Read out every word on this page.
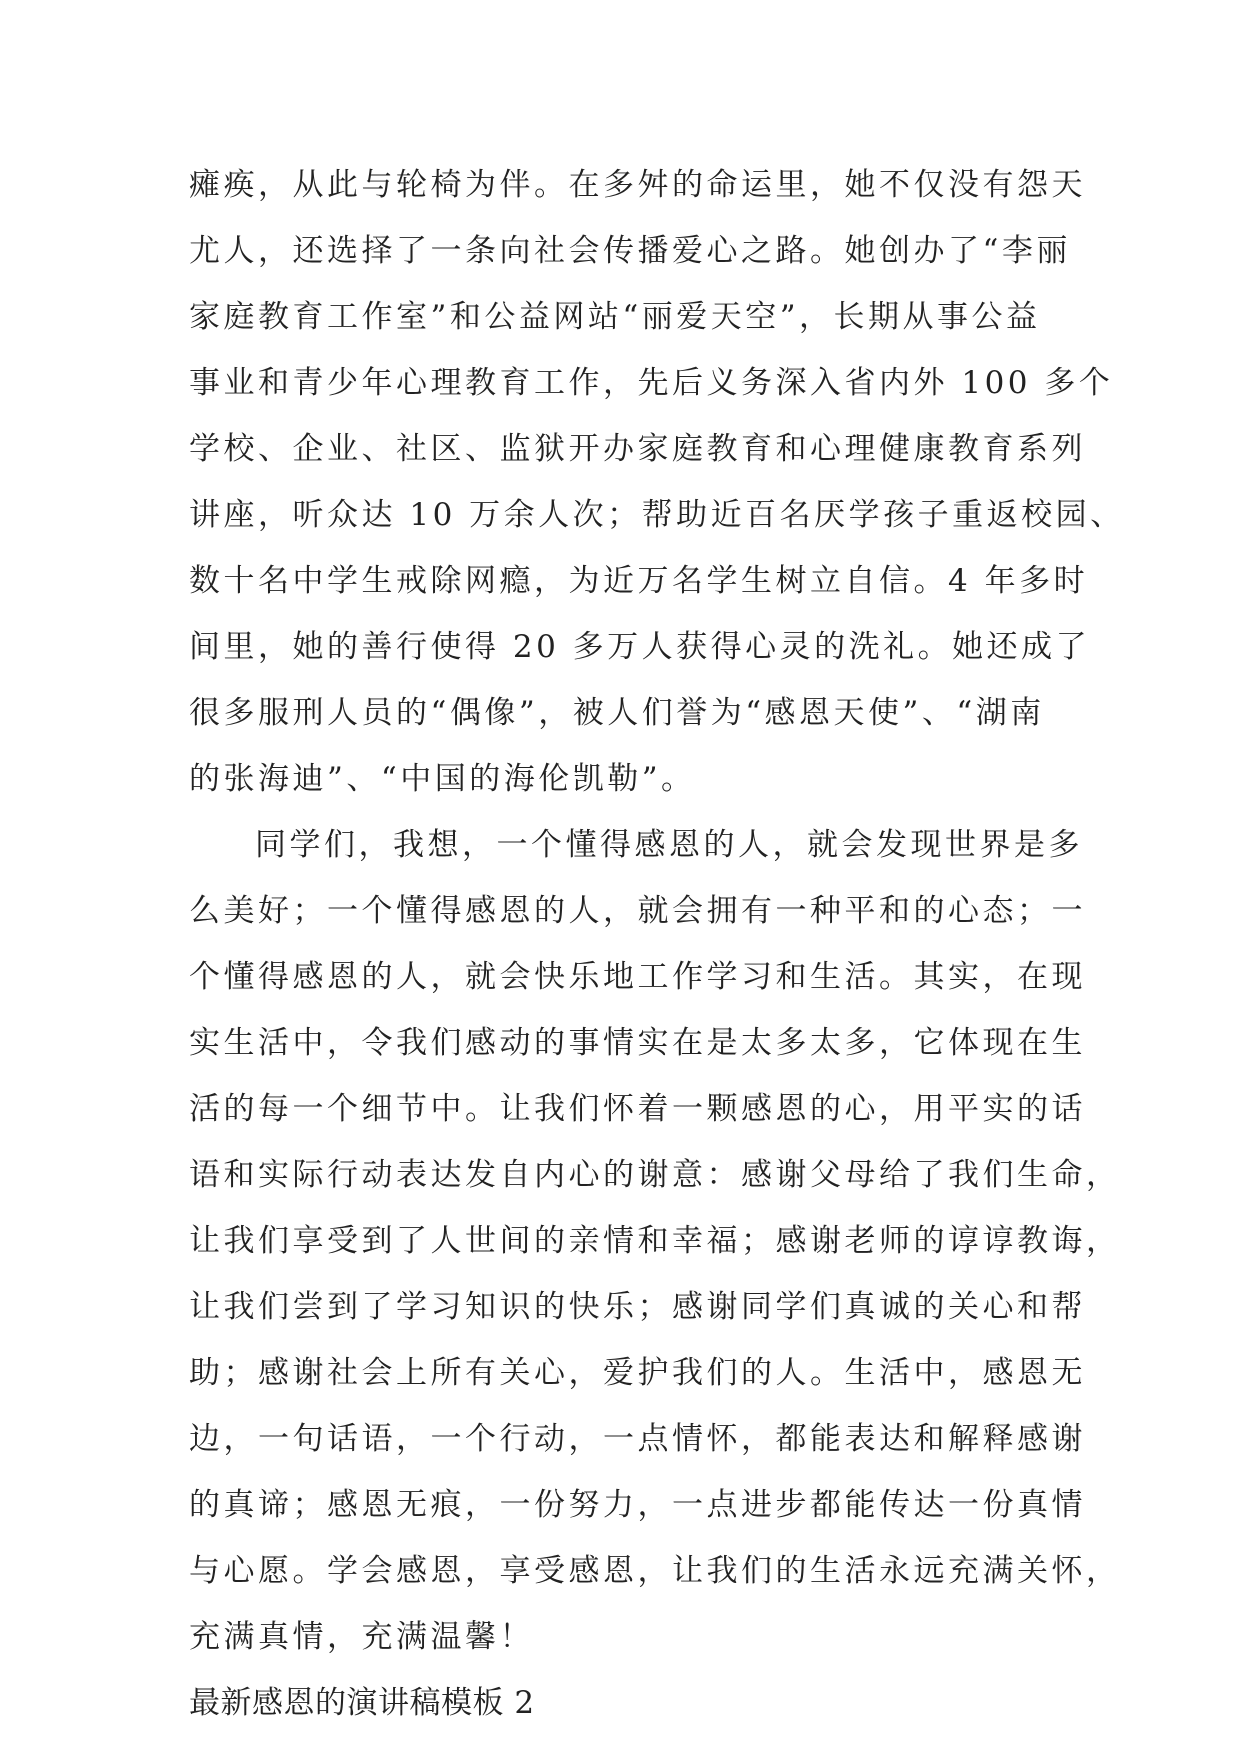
瘫痪，从此与轮椅为伴。在多舛的命运里，她不仅没有怨天
尤人，还选择了一条向社会传播爱心之路。她创办了“李丽
家庭教育工作室”和公益网站“丽爱天空”，长期从事公益
事业和青少年心理教育工作，先后义务深入省内外 100 多个
学校、企业、社区、监狱开办家庭教育和心理健康教育系列
讲座，听众达 10 万余人次；帮助近百名厌学孩子重返校园、
数十名中学生戒除网瘾，为近万名学生树立自信。4 年多时
间里，她的善行使得 20 多万人获得心灵的洗礼。她还成了
很多服刑人员的“偶像”，被人们誉为“感恩天使”、“湖南
的张海迪”、“中国的海伦凯勒”。
同学们，我想，一个懂得感恩的人，就会发现世界是多
么美好；一个懂得感恩的人，就会拥有一种平和的心态；一
个懂得感恩的人，就会快乐地工作学习和生活。其实，在现
实生活中，令我们感动的事情实在是太多太多，它体现在生
活的每一个细节中。让我们怀着一颗感恩的心，用平实的话
语和实际行动表达发自内心的谢意：感谢父母给了我们生命，
让我们享受到了人世间的亲情和幸福；感谢老师的谆谆教诲，
让我们尝到了学习知识的快乐；感谢同学们真诚的关心和帮
助；感谢社会上所有关心，爱护我们的人。生活中，感恩无
边，一句话语，一个行动，一点情怀，都能表达和解释感谢
的真谛；感恩无痕，一份努力，一点进步都能传达一份真情
与心愿。学会感恩，享受感恩，让我们的生活永远充满关怀，
充满真情，充满温馨！
最新感恩的演讲稿模板 2
